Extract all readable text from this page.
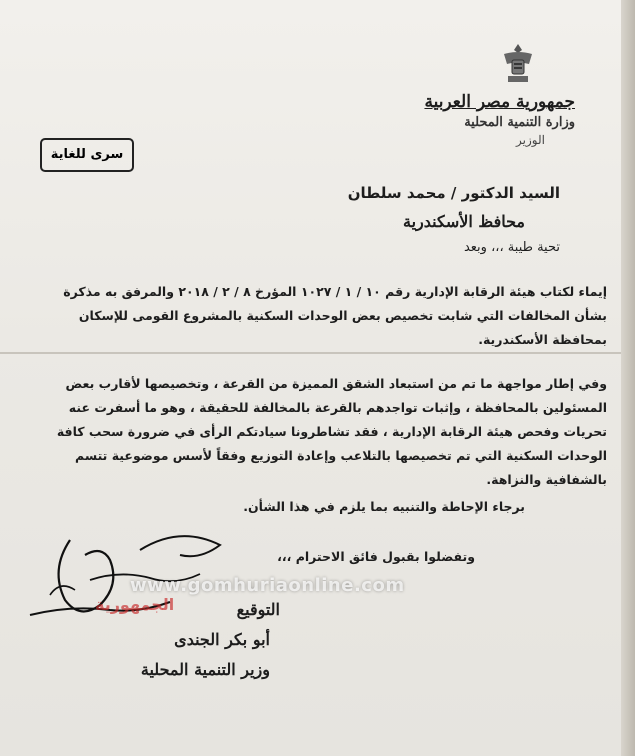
جمهورية مصر العربية
وزارة التنمية المحلية
الوزير
سرى للغاية
السيد الدكتور / محمد سلطان
محافظ الأسكندرية
تحية طيبة ،،، وبعد
إيماء لكتاب هيئة الرقابة الإدارية رقم ١٠ / ١ / ١٠٢٧ المؤرخ ٨ / ٢ / ٢٠١٨ والمرفق به مذكرة بشأن المخالفات التي شابت تخصيص بعض الوحدات السكنية بالمشروع القومى للإسكان بمحافظة الأسكندرية.
وفي إطار مواجهة ما تم من استبعاد الشقق المميزة من القرعة ، وتخصيصها لأقارب بعض المسئولين بالمحافظة ، وإثبات تواجدهم بالقرعة بالمخالفة للحقيقة ، وهو ما أسفرت عنه تحريات وفحص هيئة الرقابة الإدارية ، فقد تشاطرونا سيادتكم الرأى في ضرورة سحب كافة الوحدات السكنية التي تم تخصيصها بالتلاعب وإعادة التوزيع وفقاً لأسس موضوعية تتسم بالشفافية والنزاهة.
برجاء الإحاطة والتنبيه بما يلزم في هذا الشأن.
وتفضلوا بقبول فائق الاحترام ،،،
التوقيع
أبو بكر الجندى
وزير التنمية المحلية
www.gomhuriaonline.com
الجمهورية
